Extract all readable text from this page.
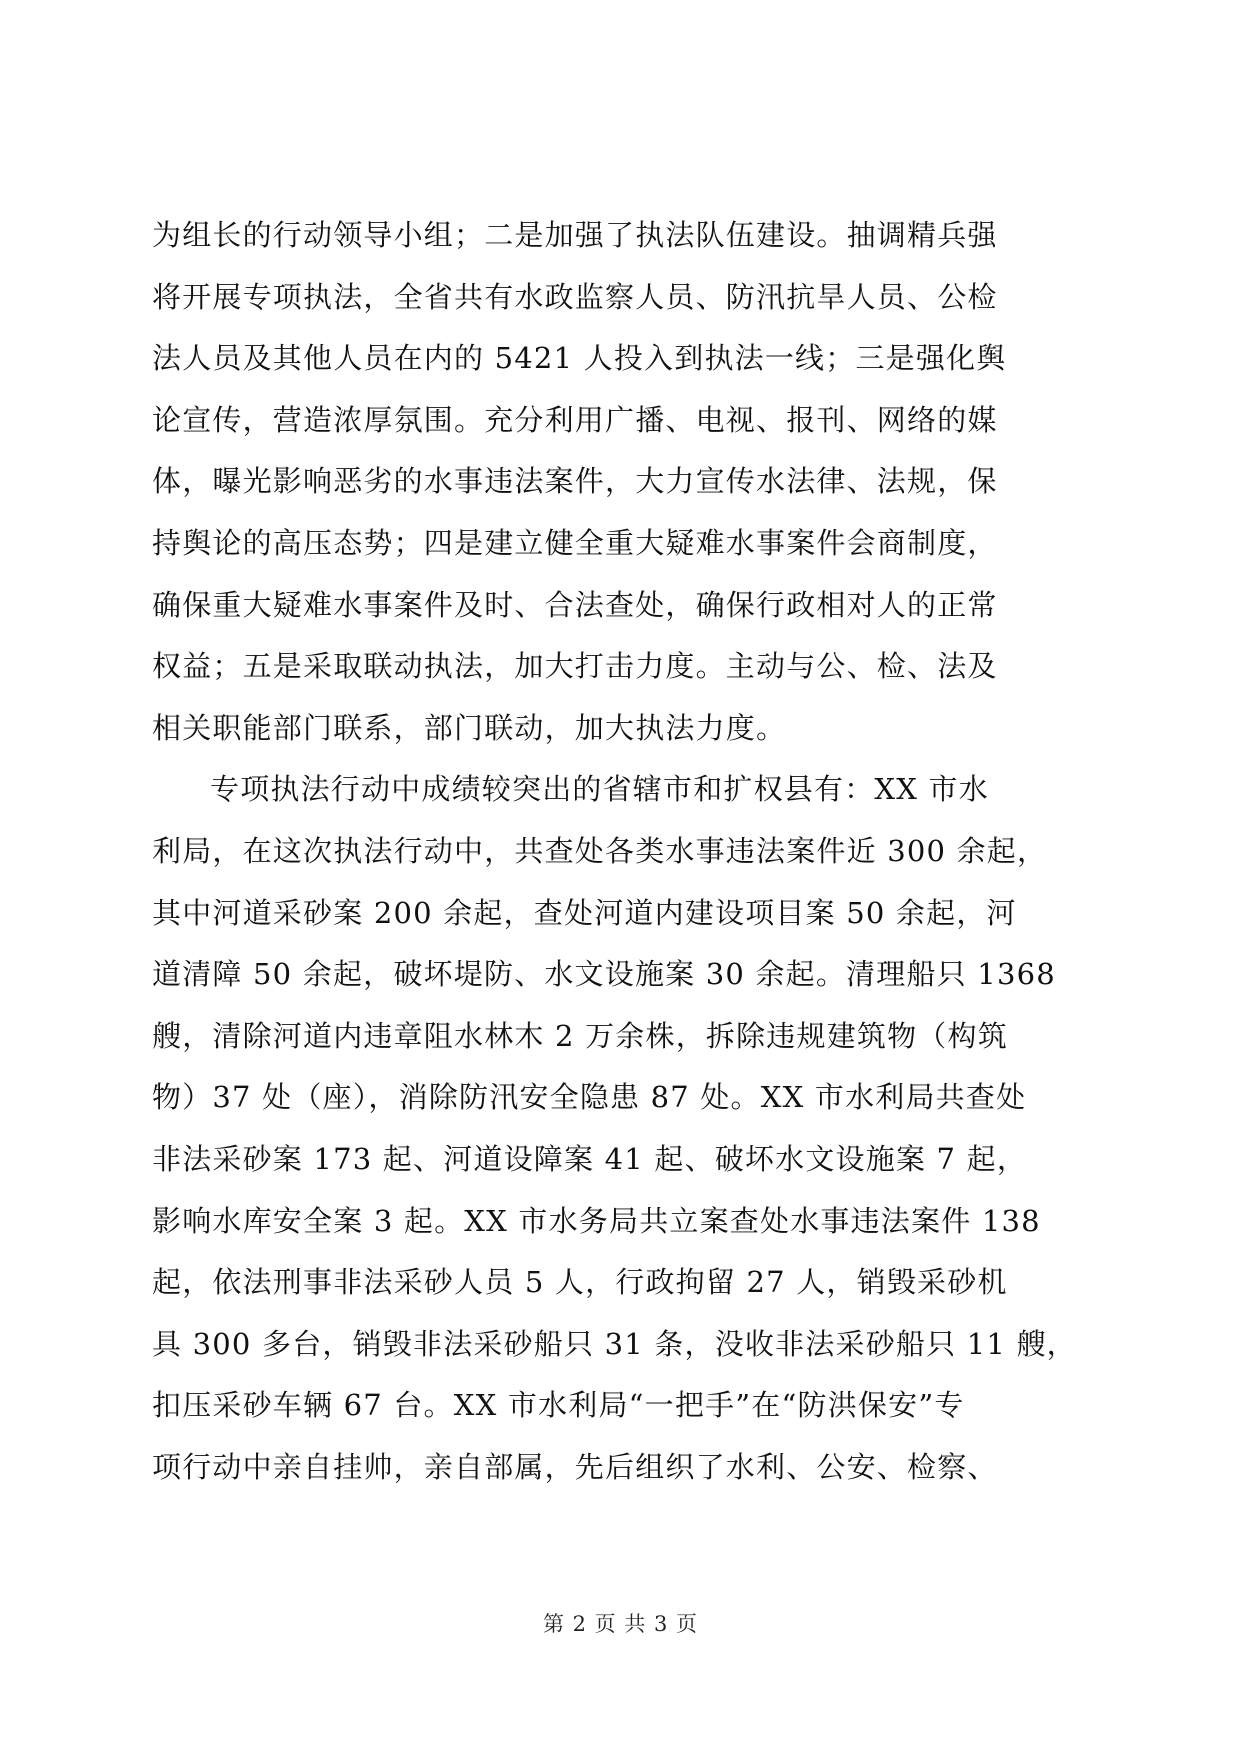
为组长的行动领导小组；二是加强了执法队伍建设。抽调精兵强
将开展专项执法，全省共有水政监察人员、防汛抗旱人员、公检
法人员及其他人员在内的 5421 人投入到执法一线；三是强化舆
论宣传，营造浓厚氛围。充分利用广播、电视、报刊、网络的媒
体，曝光影响恶劣的水事违法案件，大力宣传水法律、法规，保
持舆论的高压态势；四是建立健全重大疑难水事案件会商制度，
确保重大疑难水事案件及时、合法查处，确保行政相对人的正常
权益；五是采取联动执法，加大打击力度。主动与公、检、法及
相关职能部门联系，部门联动，加大执法力度。
专项执法行动中成绩较突出的省辖市和扩权县有：XX 市水
利局，在这次执法行动中，共查处各类水事违法案件近 300 余起，
其中河道采砂案 200 余起，查处河道内建设项目案 50 余起，河
道清障 50 余起，破坏堤防、水文设施案 30 余起。清理船只 1368
艘，清除河道内违章阻水林木 2 万余株，拆除违规建筑物（构筑
物）37 处（座），消除防汛安全隐患 87 处。XX 市水利局共查处
非法采砂案 173 起、河道设障案 41 起、破坏水文设施案 7 起，
影响水库安全案 3 起。XX 市水务局共立案查处水事违法案件 138
起，依法刑事非法采砂人员 5 人，行政拘留 27 人，销毁采砂机
具 300 多台，销毁非法采砂船只 31 条，没收非法采砂船只 11 艘，
扣压采砂车辆 67 台。XX 市水利局“一把手”在“防洪保安”专
项行动中亲自挂帅，亲自部属，先后组织了水利、公安、检察、
第 2 页 共 3 页
